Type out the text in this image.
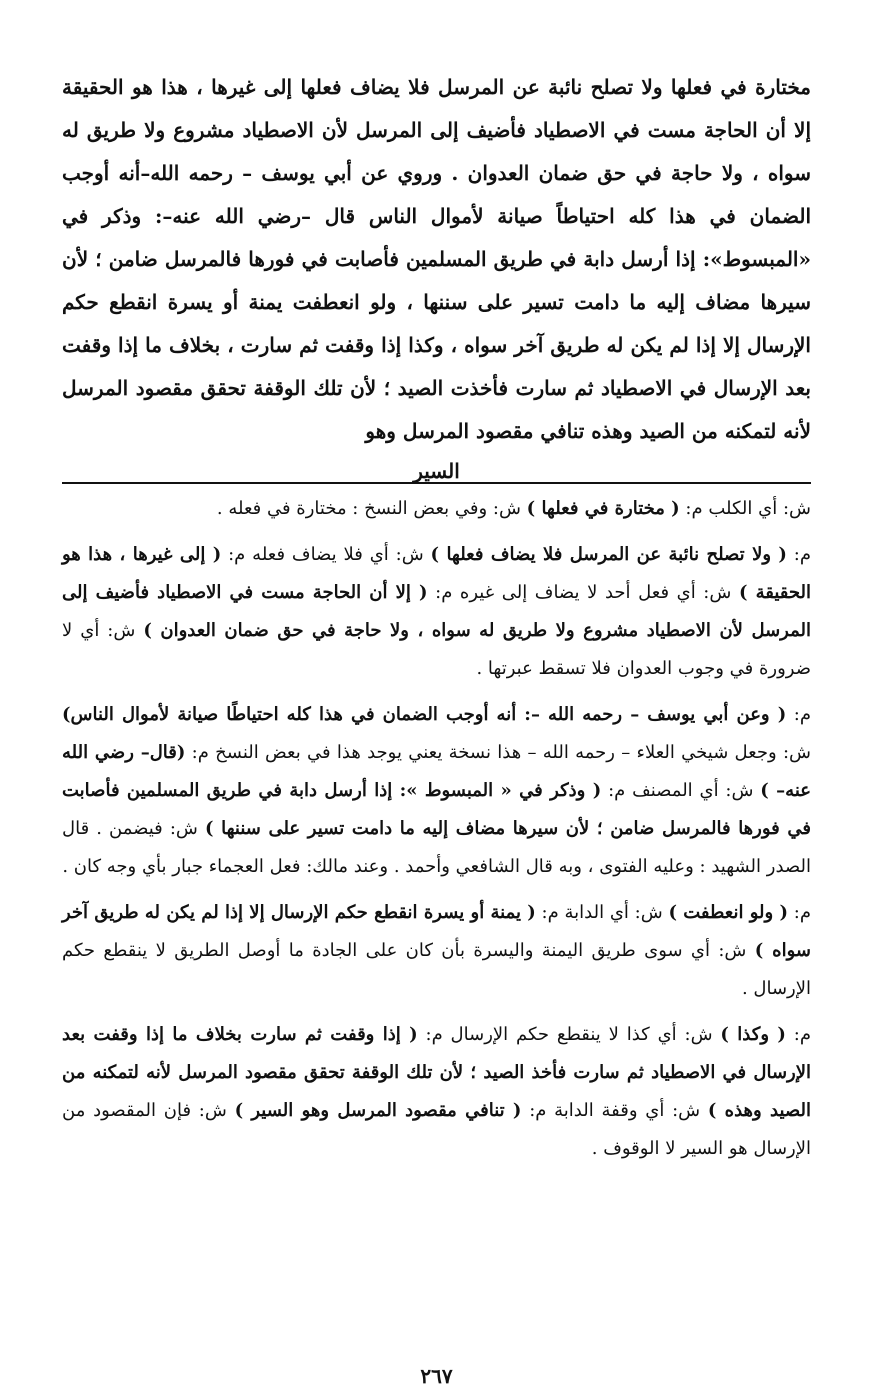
مختارة في فعلها ولا تصلح نائبة عن المرسل فلا يضاف فعلها إلى غيرها ، هذا هو الحقيقة إلا أن الحاجة مست في الاصطياد فأضيف إلى المرسل لأن الاصطياد مشروع ولا طريق له سواه ، ولا حاجة في حق ضمان العدوان . وروي عن أبي يوسف – رحمه الله–أنه أوجب الضمان في هذا كله احتياطاً صيانة لأموال الناس قال –رضي الله عنه–: وذكر في «المبسوط»: إذا أرسل دابة في طريق المسلمين فأصابت في فورها فالمرسل ضامن ؛ لأن سيرها مضاف إليه ما دامت تسير على سننها ، ولو انعطفت يمنة أو يسرة انقطع حكم الإرسال إلا إذا لم يكن له طريق آخر سواه ، وكذا إذا وقفت ثم سارت ، بخلاف ما إذا وقفت بعد الإرسال في الاصطياد ثم سارت فأخذت الصيد ؛ لأن تلك الوقفة تحقق مقصود المرسل لأنه لتمكنه من الصيد وهذه تنافي مقصود المرسل وهو

السير

ش: أي الكلب م: ( مختارة في فعلها ) ش: وفي بعض النسخ : مختارة في فعله .

م: ( ولا تصلح نائبة عن المرسل فلا يضاف فعلها ) ش: أي فلا يضاف فعله م: ( إلى غيرها ، هذا هو الحقيقة ) ش: أي فعل أحد لا يضاف إلى غيره م: ( إلا أن الحاجة مست في الاصطياد فأضيف إلى المرسل لأن الاصطياد مشروع ولا طريق له سواه ، ولا حاجة في حق ضمان العدوان ) ش: أي لا ضرورة في وجوب العدوان فلا تسقط عبرتها .

م: ( وعن أبي يوسف – رحمه الله –: أنه أوجب الضمان في هذا كله احتياطًا صيانة لأموال الناس) ش: وجعل شيخي العلاء – رحمه الله – هذا نسخة يعني يوجد هذا في بعض النسخ م: (قال– رضي الله عنه– ) ش: أي المصنف م: ( وذكر في « المبسوط »: إذا أرسل دابة في طريق المسلمين فأصابت في فورها فالمرسل ضامن ؛ لأن سيرها مضاف إليه ما دامت تسير على سننها ) ش: فيضمن . قال الصدر الشهيد : وعليه الفتوى ، وبه قال الشافعي وأحمد . وعند مالك: فعل العجماء جبار بأي وجه كان .

م: ( ولو انعطفت ) ش: أي الدابة م: ( يمنة أو يسرة انقطع حكم الإرسال إلا إذا لم يكن له طريق آخر سواه ) ش: أي سوى طريق اليمنة واليسرة بأن كان على الجادة ما أوصل الطريق لا ينقطع حكم الإرسال .

م: ( وكذا ) ش: أي كذا لا ينقطع حكم الإرسال م: ( إذا وقفت ثم سارت بخلاف ما إذا وقفت بعد الإرسال في الاصطياد ثم سارت فأخذ الصيد ؛ لأن تلك الوقفة تحقق مقصود المرسل لأنه لتمكنه من الصيد وهذه ) ش: أي وقفة الدابة م: ( تنافي مقصود المرسل وهو السير ) ش: فإن المقصود من الإرسال هو السير لا الوقوف .

٢٦٧
